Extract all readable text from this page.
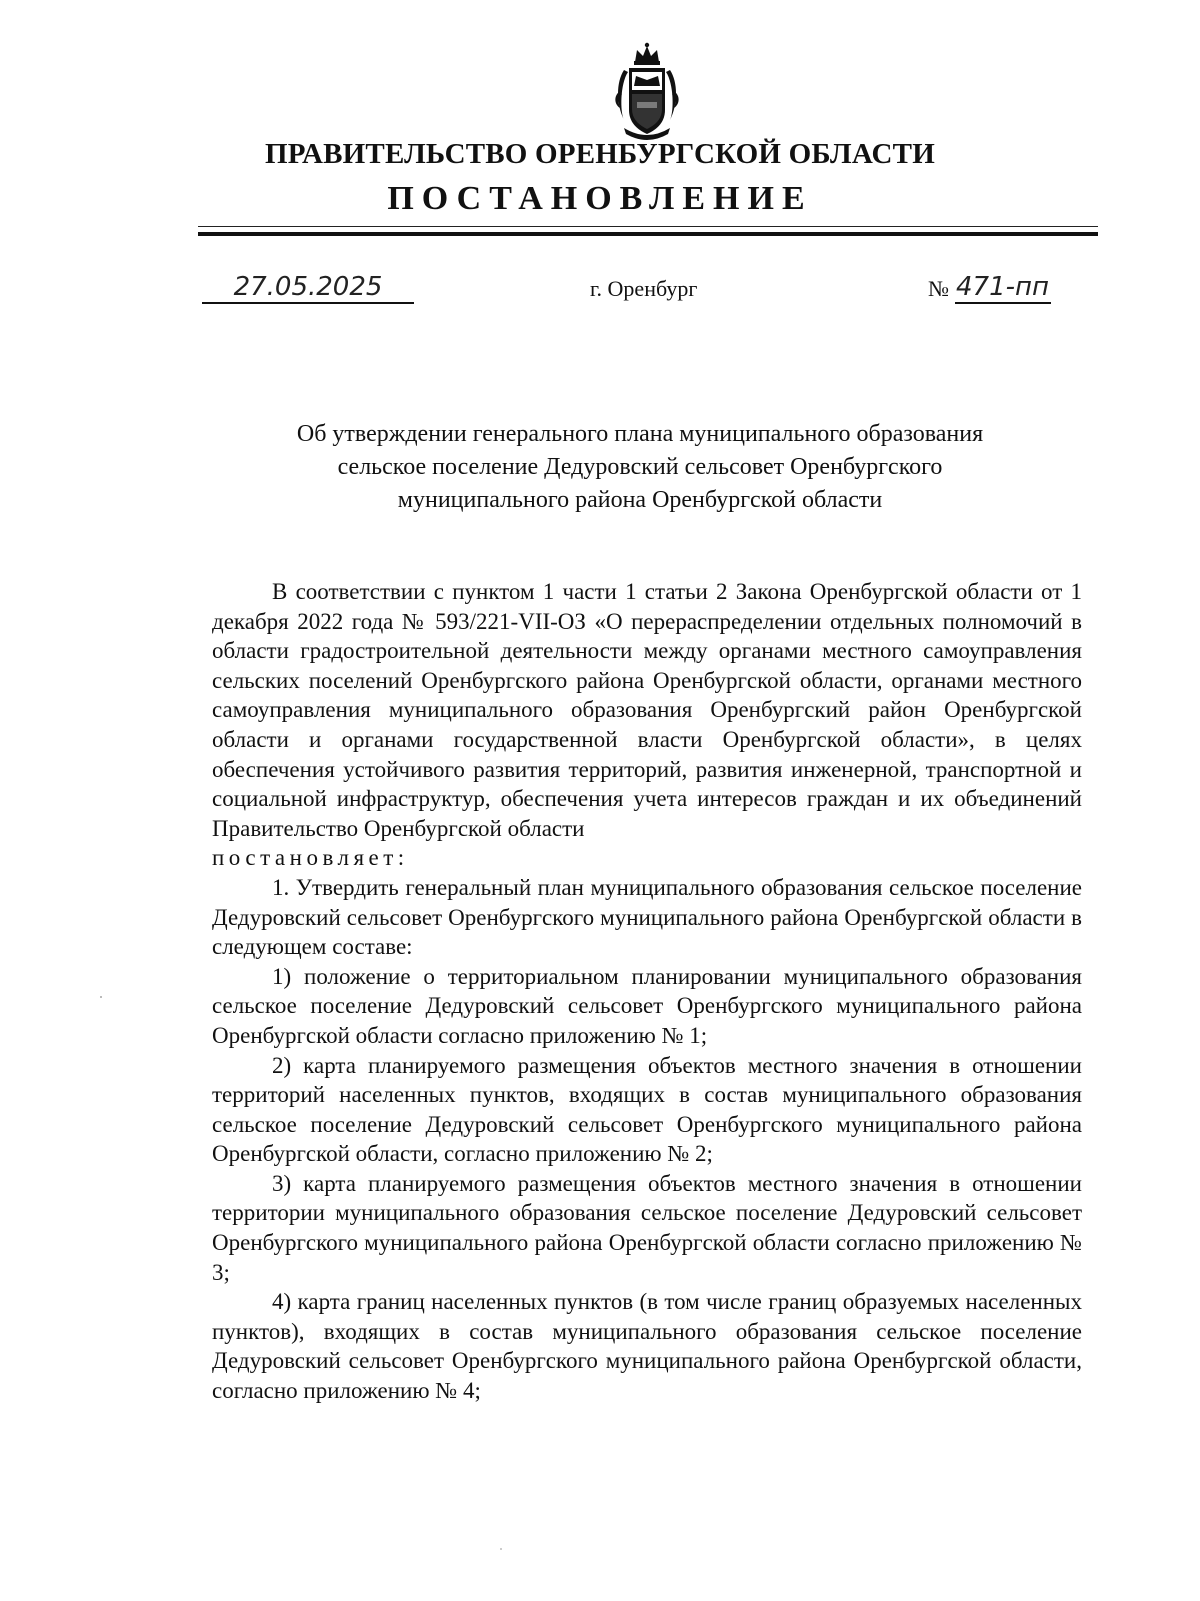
ПРАВИТЕЛЬСТВО ОРЕНБУРГСКОЙ ОБЛАСТИ
ПОСТАНОВЛЕНИЕ
27.05.2025	г. Оренбург	№ 471-пп
Об утверждении генерального плана муниципального образования
сельское поселение Дедуровский сельсовет Оренбургского
муниципального района Оренбургской области

В соответствии с пунктом 1 части 1 статьи 2 Закона Оренбургской области от 1 декабря 2022 года № 593/221-VII-ОЗ «О перераспределении отдельных полномочий в области градостроительной деятельности между органами местного самоуправления сельских поселений Оренбургского района Оренбургской области, органами местного самоуправления муниципального образования Оренбургский район Оренбургской области и органами государственной власти Оренбургской области», в целях обеспечения устойчивого развития территорий, развития инженерной, транспортной и социальной инфраструктур, обеспечения учета интересов граждан и их объединений Правительство Оренбургской области

постановляет:

1. Утвердить генеральный план муниципального образования сельское поселение Дедуровский сельсовет Оренбургского муниципального района Оренбургской области в следующем составе:

1) положение о территориальном планировании муниципального образования сельское поселение Дедуровский сельсовет Оренбургского муниципального района Оренбургской области согласно приложению № 1;

2) карта планируемого размещения объектов местного значения в отношении территорий населенных пунктов, входящих в состав муниципального образования сельское поселение Дедуровский сельсовет Оренбургского муниципального района Оренбургской области, согласно приложению № 2;

3) карта планируемого размещения объектов местного значения в отношении территории муниципального образования сельское поселение Дедуровский сельсовет Оренбургского муниципального района Оренбургской области согласно приложению № 3;

4) карта границ населенных пунктов (в том числе границ образуемых населенных пунктов), входящих в состав муниципального образования сельское поселение Дедуровский сельсовет Оренбургского муниципального района Оренбургской области, согласно приложению № 4;
